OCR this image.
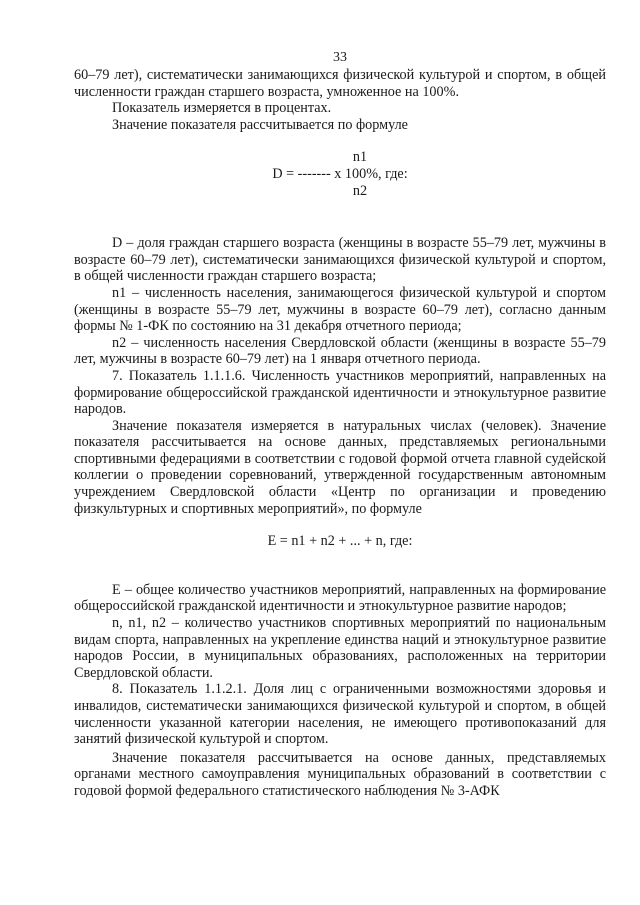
33

60–79 лет), систематически занимающихся физической культурой и спортом, в общей численности граждан старшего возраста, умноженное на 100%.

Показатель измеряется в процентах.

Значение показателя рассчитывается по формуле

n1

D = ------- х 100%, где:

n2

D – доля граждан старшего возраста (женщины в возрасте 55–79 лет, мужчины в возрасте 60–79 лет), систематически занимающихся физической культурой и спортом, в общей численности граждан старшего возраста;

n1 – численность населения, занимающегося физической культурой и спортом (женщины в возрасте 55–79 лет, мужчины в возрасте 60–79 лет), согласно данным формы № 1-ФК по состоянию на 31 декабря отчетного периода;

n2 – численность населения Свердловской области (женщины в возрасте 55–79 лет, мужчины в возрасте 60–79 лет) на 1 января отчетного периода.

7. Показатель 1.1.1.6. Численность участников мероприятий, направленных на формирование общероссийской гражданской идентичности и этнокультурное развитие народов.

Значение показателя измеряется в натуральных числах (человек). Значение показателя рассчитывается на основе данных, представляемых региональными спортивными федерациями в соответствии с годовой формой отчета главной судейской коллегии о проведении соревнований, утвержденной государственным автономным учреждением Свердловской области «Центр по организации и проведению физкультурных и спортивных мероприятий», по формуле

E = n1 + n2 + ... + n, где:

E – общее количество участников мероприятий, направленных на формирование общероссийской гражданской идентичности и этнокультурное развитие народов;

n, n1, n2 – количество участников спортивных мероприятий по национальным видам спорта, направленных на укрепление единства наций и этнокультурное развитие народов России, в муниципальных образованиях, расположенных на территории Свердловской области.

8. Показатель 1.1.2.1. Доля лиц с ограниченными возможностями здоровья и инвалидов, систематически занимающихся физической культурой и спортом, в общей численности указанной категории населения, не имеющего противопоказаний для занятий физической культурой и спортом.

Значение показателя рассчитывается на основе данных, представляемых органами местного самоуправления муниципальных образований в соответствии с годовой формой федерального статистического наблюдения № 3-АФК
